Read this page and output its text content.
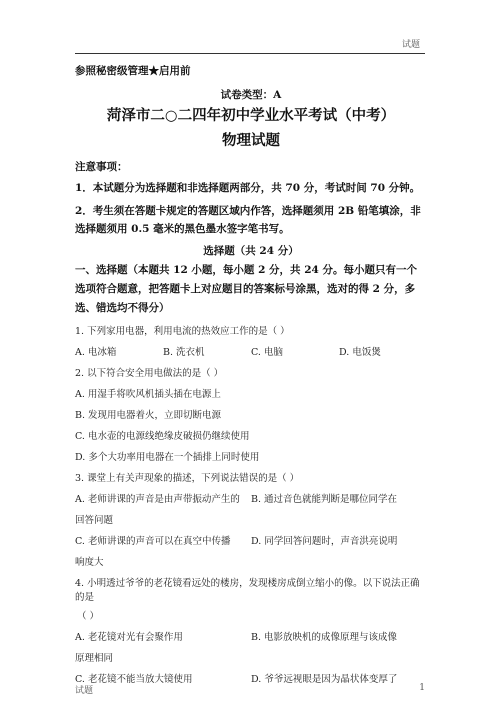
试题
参照秘密级管理★启用前
试卷类型：A
菏泽市二○二四年初中学业水平考试（中考）
物理试题
注意事项：
1．本试题分为选择题和非选择题两部分，共 70 分，考试时间 70 分钟。
2．考生须在答题卡规定的答题区域内作答，选择题须用 2B 铅笔填涂，非选择题须用 0.5 毫米的黑色墨水签字笔书写。
选择题（共 24 分）
一、选择题（本题共 12 小题，每小题 2 分，共 24 分。每小题只有一个选项符合题意，把答题卡上对应题目的答案标号涂黑，选对的得 2 分，多选、错选均不得分）
1. 下列家用电器，利用电流的热效应工作的是（ ）
A. 电冰箱	B. 洗衣机	C. 电脑	D. 电饭煲
2. 以下符合安全用电做法的是（ ）
A. 用湿手将吹风机插头插在电源上
B. 发现用电器着火，立即切断电源
C. 电水壶的电源线绝缘皮破损仍继续使用
D. 多个大功率用电器在一个插排上同时使用
3. 课堂上有关声现象的描述，下列说法错误的是（ ）
A. 老师讲课的声音是由声带振动产生的	B. 通过音色就能判断是哪位同学在
回答问题
C. 老师讲课的声音可以在真空中传播	D. 同学回答问题时，声音洪亮说明
响度大
4. 小明透过爷爷的老花镜看远处的楼房，发现楼房成倒立缩小的像。以下说法正确的是
（ ）
A. 老花镜对光有会聚作用	B. 电影放映机的成像原理与该成像
原理相同
C. 老花镜不能当放大镜使用	D. 爷爷远视眼是因为晶状体变厚了
试题	1
